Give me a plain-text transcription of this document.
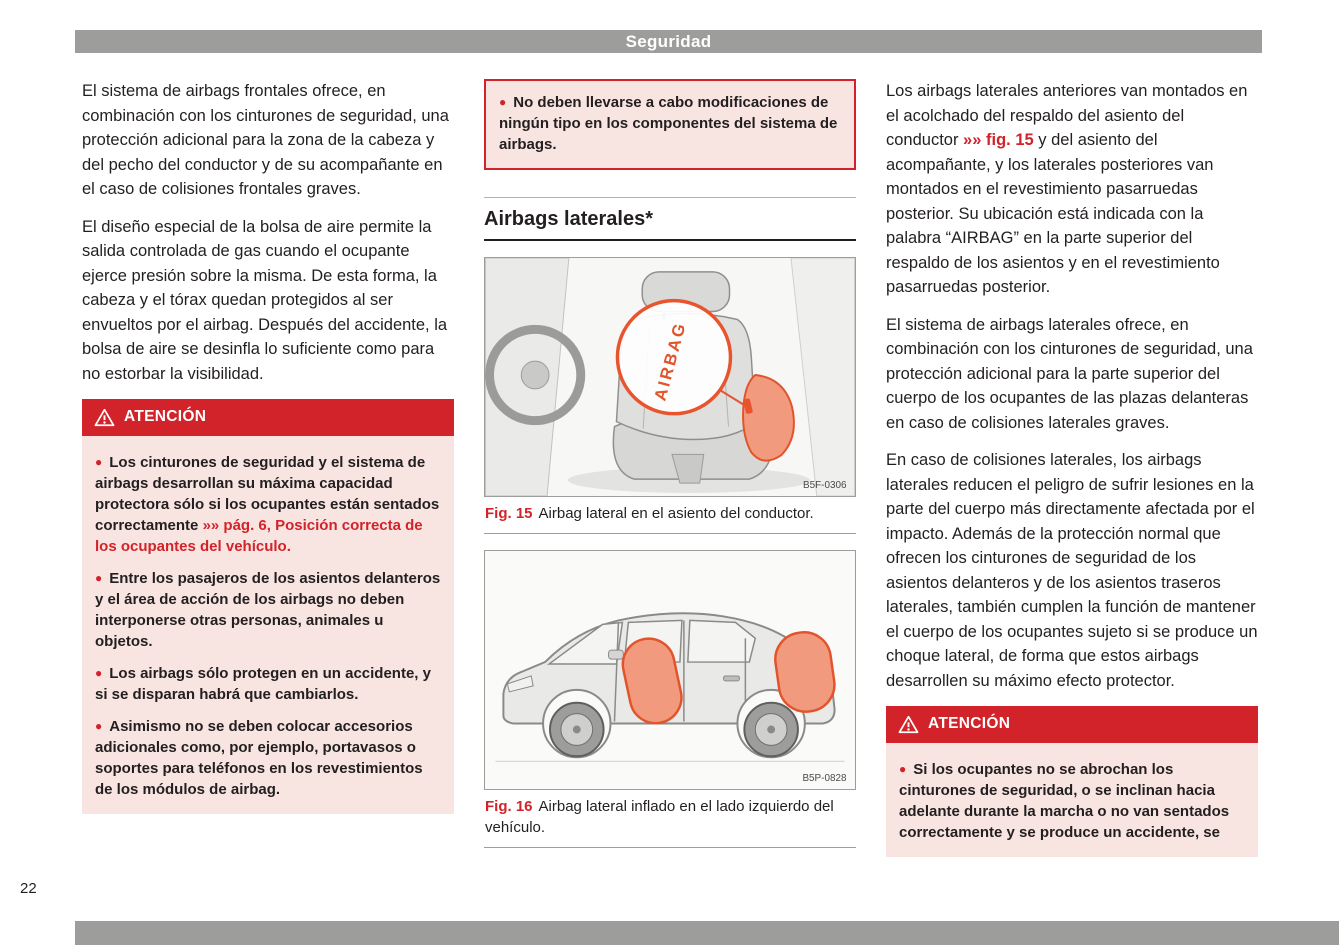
Seguridad

El sistema de airbags frontales ofrece, en combinación con los cinturones de seguridad, una protección adicional para la zona de la cabeza y del pecho del conductor y de su acompañante en el caso de colisiones frontales graves.

El diseño especial de la bolsa de aire permite la salida controlada de gas cuando el ocupante ejerce presión sobre la misma. De esta forma, la cabeza y el tórax quedan protegidos al ser envueltos por el airbag. Después del accidente, la bolsa de aire se desinfla lo suficiente como para no estorbar la visibilidad.

ATENCIÓN

● Los cinturones de seguridad y el sistema de airbags desarrollan su máxima capacidad protectora sólo si los ocupantes están sentados correctamente »» pág. 6, Posición correcta de los ocupantes del vehículo.

● Entre los pasajeros de los asientos delanteros y el área de acción de los airbags no deben interponerse otras personas, animales u objetos.

● Los airbags sólo protegen en un accidente, y si se disparan habrá que cambiarlos.

● Asimismo no se deben colocar accesorios adicionales como, por ejemplo, portavasos o soportes para teléfonos en los revestimientos de los módulos de airbag.

● No deben llevarse a cabo modificaciones de ningún tipo en los componentes del sistema de airbags.

Airbags laterales*
AIRBAG
B5F-0306
Fig. 15 Airbag lateral en el asiento del conductor.
B5P-0828
Fig. 16 Airbag lateral inflado en el lado izquierdo del vehículo.

Los airbags laterales anteriores van montados en el acolchado del respaldo del asiento del conductor »» fig. 15 y del asiento del acompañante, y los laterales posteriores van montados en el revestimiento pasarruedas posterior. Su ubicación está indicada con la palabra “AIRBAG” en la parte superior del respaldo de los asientos y en el revestimiento pasarruedas posterior.

El sistema de airbags laterales ofrece, en combinación con los cinturones de seguridad, una protección adicional para la parte superior del cuerpo de los ocupantes de las plazas delanteras en caso de colisiones laterales graves.

En caso de colisiones laterales, los airbags laterales reducen el peligro de sufrir lesiones en la parte del cuerpo más directamente afectada por el impacto. Además de la protección normal que ofrecen los cinturones de seguridad de los asientos delanteros y de los asientos traseros laterales, también cumplen la función de mantener el cuerpo de los ocupantes sujeto si se produce un choque lateral, de forma que estos airbags desarrollen su máximo efecto protector.

ATENCIÓN

● Si los ocupantes no se abrochan los cinturones de seguridad, o se inclinan hacia adelante durante la marcha o no van sentados correctamente y se produce un accidente, se

22
